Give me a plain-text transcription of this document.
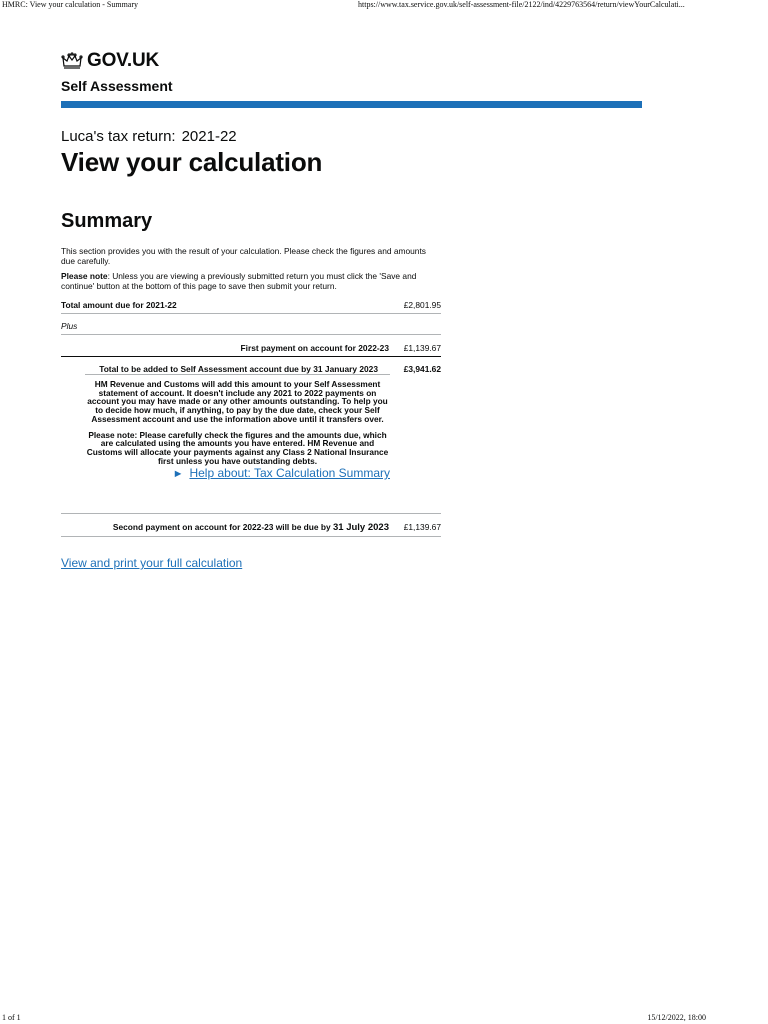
HMRC: View your calculation - Summary	https://www.tax.service.gov.uk/self-assessment-file/2122/ind/4229763564/return/viewYourCalculati...
GOV.UK
Self Assessment
Luca's tax return: 2021-22
View your calculation
Summary

This section provides you with the result of your calculation. Please check the figures and amounts due carefully.

Please note: Unless you are viewing a previously submitted return you must click the 'Save and continue' button at the bottom of this page to save then submit your return.

Total amount due for 2021-22	£2,801.95
Plus
First payment on account for 2022-23 £1,139.67
Total to be added to Self Assessment account due by 31 January 2023	£3,941.62

HM Revenue and Customs will add this amount to your Self Assessment statement of account. It doesn't include any 2021 to 2022 payments on account you may have made or any other amounts outstanding. To help you to decide how much, if anything, to pay by the due date, check your Self Assessment account and use the information above until it transfers over.

Please note: Please carefully check the figures and the amounts due, which are calculated using the amounts you have entered. HM Revenue and Customs will allocate your payments against any Class 2 National Insurance first unless you have outstanding debts.

► Help about: Tax Calculation Summary
Second payment on account for 2022-23 will be due by 31 July 2023 £1,139.67
View and print your full calculation
1 of 1	15/12/2022, 18:00
